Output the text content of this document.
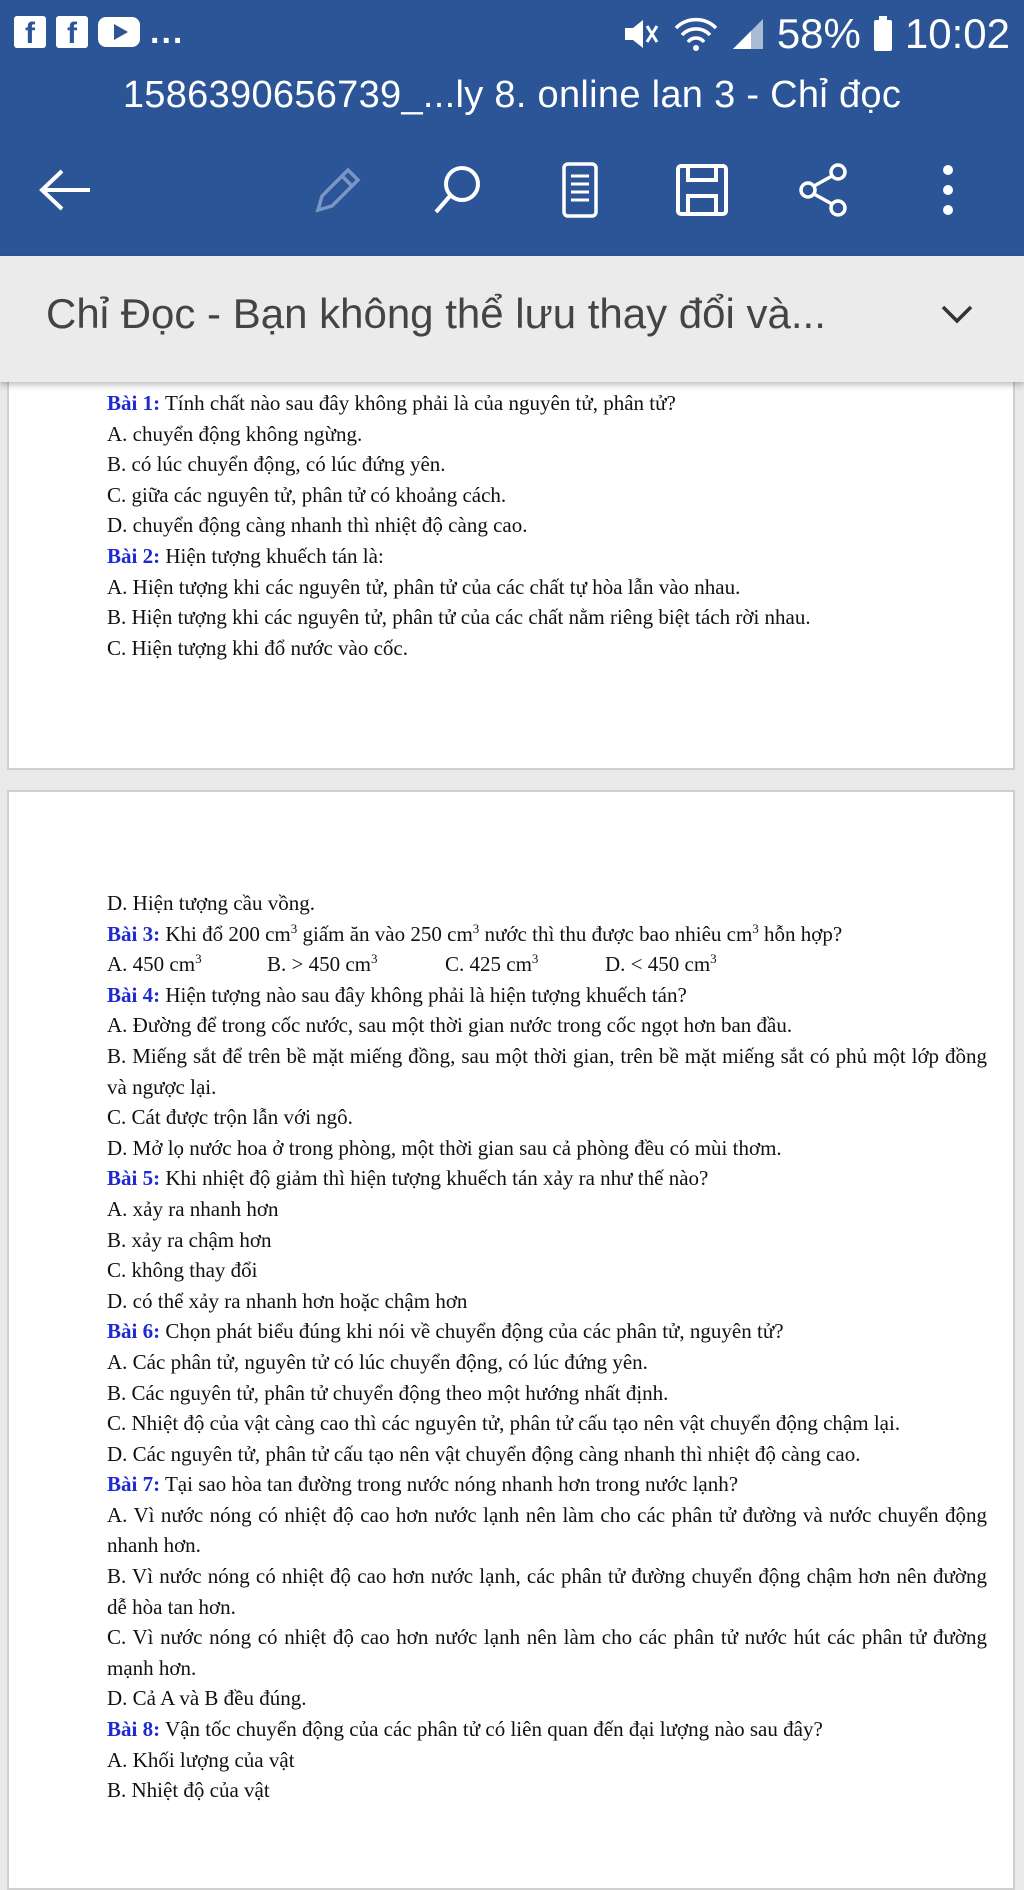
f	f	...	58% 10:02
1586390656739_...ly 8. online lan 3 - Chỉ đọc
Chỉ Đọc - Bạn không thể lưu thay đổi và...
Bài 1: Tính chất nào sau đây không phải là của nguyên tử, phân tử?
A. chuyển động không ngừng.
B. có lúc chuyển động, có lúc đứng yên.
C. giữa các nguyên tử, phân tử có khoảng cách.
D. chuyển động càng nhanh thì nhiệt độ càng cao.
Bài 2: Hiện tượng khuếch tán là:
A. Hiện tượng khi các nguyên tử, phân tử của các chất tự hòa lẫn vào nhau.
B. Hiện tượng khi các nguyên tử, phân tử của các chất nằm riêng biệt tách rời nhau.
C. Hiện tượng khi đổ nước vào cốc.
D. Hiện tượng cầu vồng.
Bài 3: Khi đổ 200 $cm^3$ giấm ăn vào 250 $cm^3$ nước thì thu được bao nhiêu $cm^3$ hỗn hợp?
A. 450 $cm^3$	B. > 450 $cm^3$	C. 425 $cm^3$	D. < 450 $cm^3$
Bài 4: Hiện tượng nào sau đây không phải là hiện tượng khuếch tán?
A. Đường để trong cốc nước, sau một thời gian nước trong cốc ngọt hơn ban đầu.
B. Miếng sắt để trên bề mặt miếng đồng, sau một thời gian, trên bề mặt miếng sắt có phủ một lớp đồng và ngược lại.
C. Cát được trộn lẫn với ngô.
D. Mở lọ nước hoa ở trong phòng, một thời gian sau cả phòng đều có mùi thơm.
Bài 5: Khi nhiệt độ giảm thì hiện tượng khuếch tán xảy ra như thế nào?
A. xảy ra nhanh hơn
B. xảy ra chậm hơn
C. không thay đổi
D. có thể xảy ra nhanh hơn hoặc chậm hơn
Bài 6: Chọn phát biểu đúng khi nói về chuyển động của các phân tử, nguyên tử?
A. Các phân tử, nguyên tử có lúc chuyển động, có lúc đứng yên.
B. Các nguyên tử, phân tử chuyển động theo một hướng nhất định.
C. Nhiệt độ của vật càng cao thì các nguyên tử, phân tử cấu tạo nên vật chuyển động chậm lại.
D. Các nguyên tử, phân tử cấu tạo nên vật chuyển động càng nhanh thì nhiệt độ càng cao.
Bài 7: Tại sao hòa tan đường trong nước nóng nhanh hơn trong nước lạnh?
A. Vì nước nóng có nhiệt độ cao hơn nước lạnh nên làm cho các phân tử đường và nước chuyển động nhanh hơn.
B. Vì nước nóng có nhiệt độ cao hơn nước lạnh, các phân tử đường chuyển động chậm hơn nên đường dễ hòa tan hơn.
C. Vì nước nóng có nhiệt độ cao hơn nước lạnh nên làm cho các phân tử nước hút các phân tử đường mạnh hơn.
D. Cả A và B đều đúng.
Bài 8: Vận tốc chuyển động của các phân tử có liên quan đến đại lượng nào sau đây?
A. Khối lượng của vật
B. Nhiệt độ của vật
